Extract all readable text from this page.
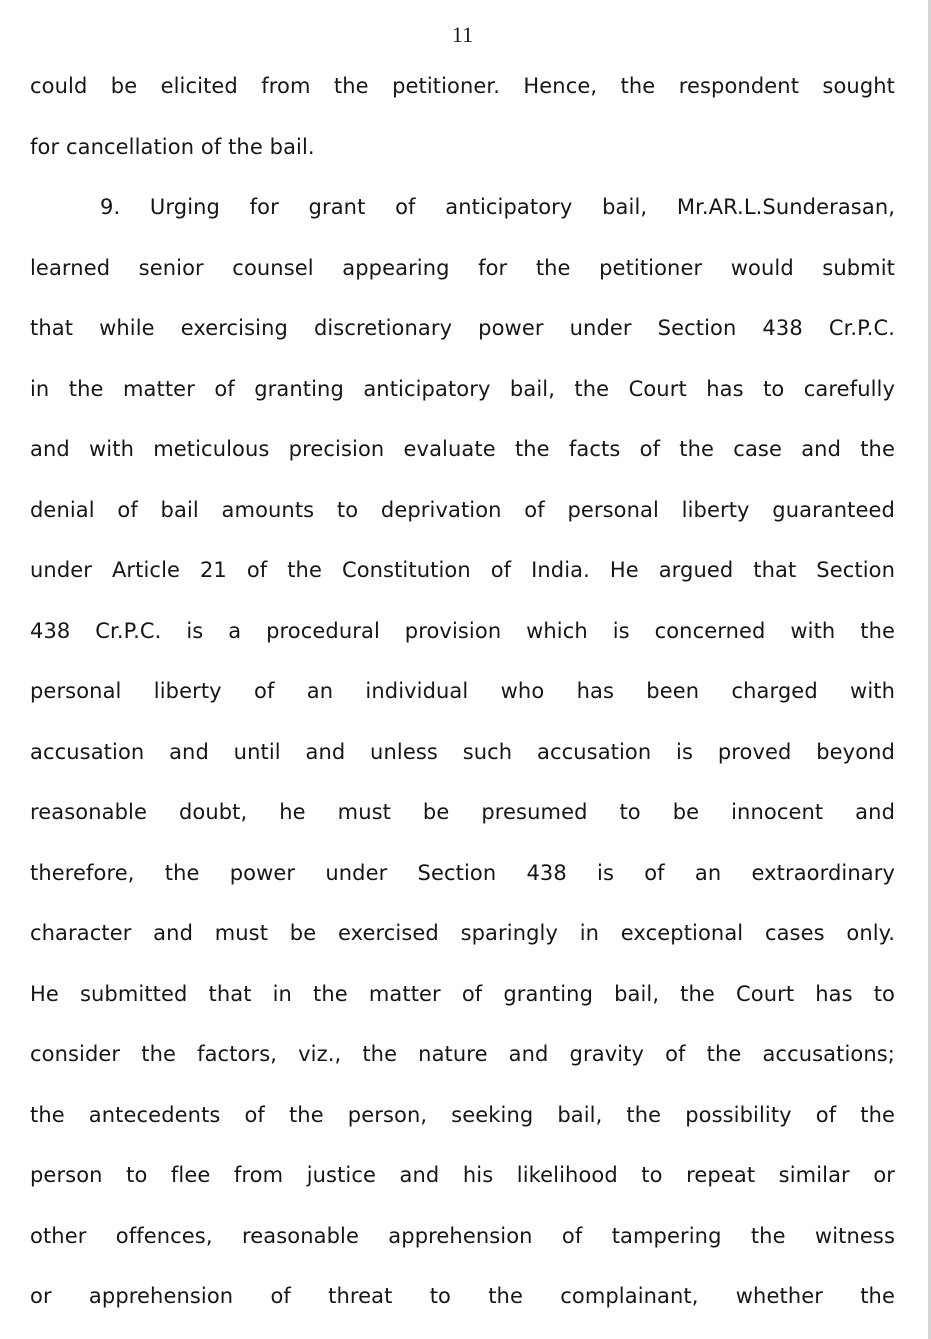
11
could be elicited from the petitioner. Hence, the respondent sought
for cancellation of the bail.
9. Urging for grant of anticipatory bail, Mr.AR.L.Sunderasan,
learned senior counsel appearing for the petitioner would submit
that while exercising discretionary power under Section 438 Cr.P.C.
in the matter of granting anticipatory bail, the Court has to carefully
and with meticulous precision evaluate the facts of the case and the
denial of bail amounts to deprivation of personal liberty guaranteed
under Article 21 of the Constitution of India. He argued that Section
438 Cr.P.C. is a procedural provision which is concerned with the
personal liberty of an individual who has been charged with
accusation and until and unless such accusation is proved beyond
reasonable doubt, he must be presumed to be innocent and
therefore, the power under Section 438 is of an extraordinary
character and must be exercised sparingly in exceptional cases only.
He submitted that in the matter of granting bail, the Court has to
consider the factors, viz., the nature and gravity of the accusations;
the antecedents of the person, seeking bail, the possibility of the
person to flee from justice and his likelihood to repeat similar or
other offences, reasonable apprehension of tampering the witness
or apprehension of threat to the complainant, whether the
